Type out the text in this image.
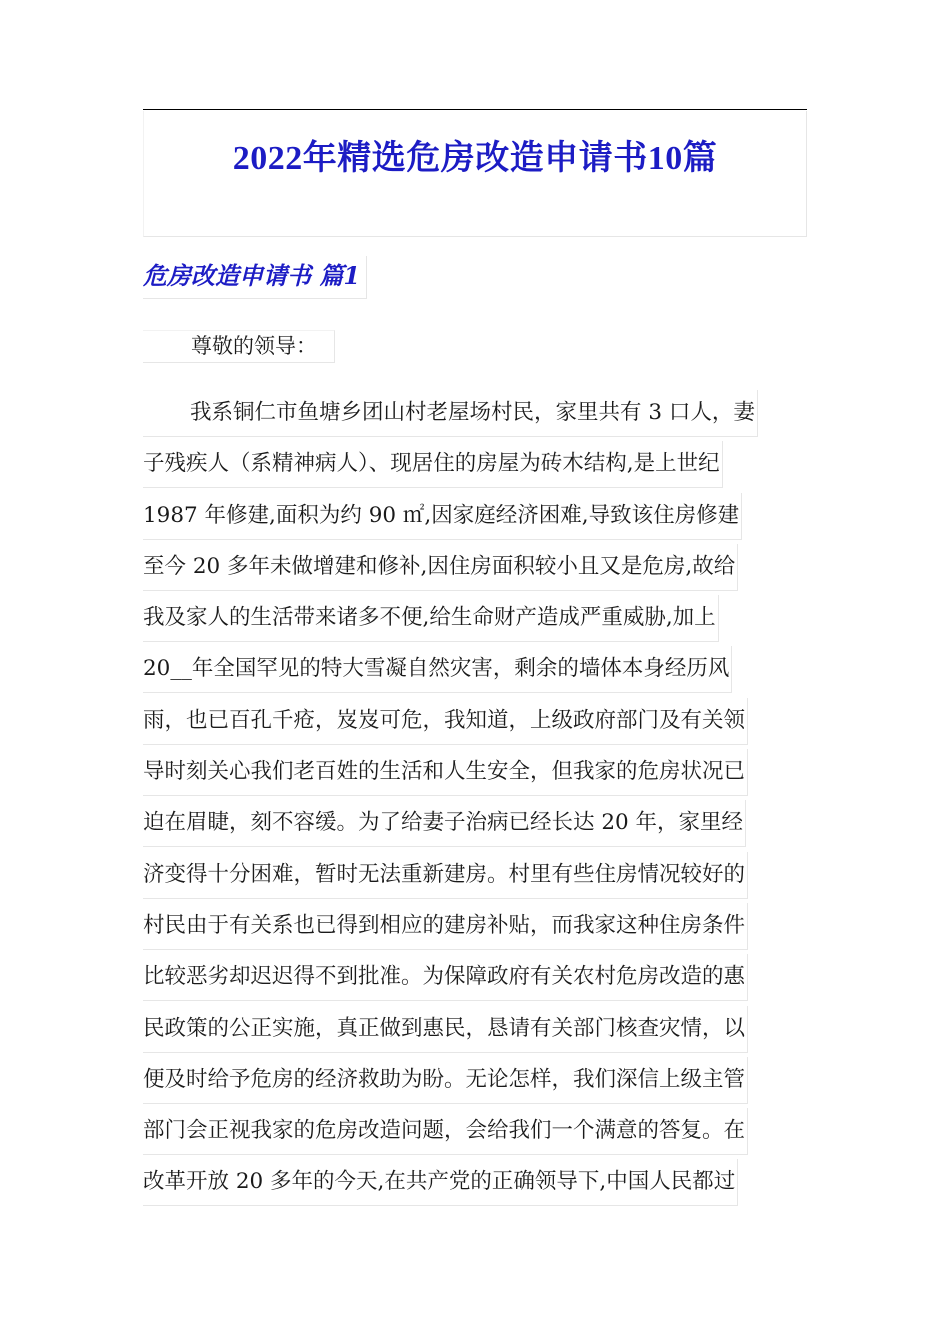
2022年精选危房改造申请书10篇
危房改造申请书 篇1
尊敬的领导：
我系铜仁市鱼塘乡团山村老屋场村民，家里共有 3 口人，妻
子残疾人（系精神病人）、现居住的房屋为砖木结构,是上世纪
1987 年修建,面积为约 90 ㎡,因家庭经济困难,导致该住房修建
至今 20 多年未做增建和修补,因住房面积较小且又是危房,故给
我及家人的生活带来诸多不便,给生命财产造成严重威胁,加上
20__年全国罕见的特大雪凝自然灾害，剩余的墙体本身经历风
雨，也已百孔千疮，岌岌可危，我知道，上级政府部门及有关领
导时刻关心我们老百姓的生活和人生安全，但我家的危房状况已
迫在眉睫，刻不容缓。为了给妻子治病已经长达 20 年，家里经
济变得十分困难，暂时无法重新建房。村里有些住房情况较好的
村民由于有关系也已得到相应的建房补贴，而我家这种住房条件
比较恶劣却迟迟得不到批准。为保障政府有关农村危房改造的惠
民政策的公正实施，真正做到惠民，恳请有关部门核查灾情，以
便及时给予危房的经济救助为盼。无论怎样，我们深信上级主管
部门会正视我家的危房改造问题，会给我们一个满意的答复。在
改革开放 20 多年的今天,在共产党的正确领导下,中国人民都过
